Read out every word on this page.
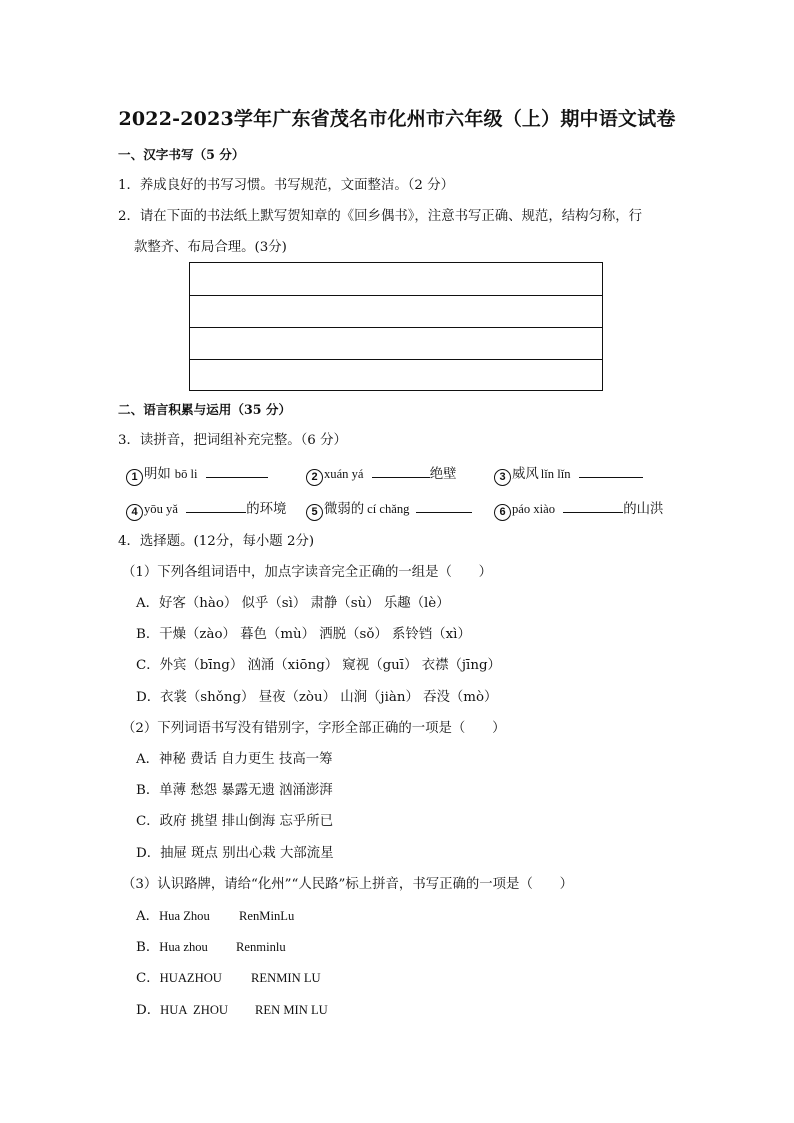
2022-2023学年广东省茂名市化州市六年级（上）期中语文试卷
一、汉字书写（5 分）
1．养成良好的书写习惯。书写规范，文面整洁。（2 分）
2．请在下面的书法纸上默写贺知章的《回乡偶书》，注意书写正确、规范，结构匀称，行
款整齐、布局合理。(3分)
二、语言积累与运用（35 分）
3．读拼音，把词组补充完整。（6 分）
1 明如 bō li	2 xuán yá	绝壁	3 威风 lǐn lǐn
4 yōu yǎ	的环境	5 微弱的 cí chǎng	6 páo xiào	的山洪
4．选择题。(12分，每小题 2分)
（1）下列各组词语中，加点字读音完全正确的一组是（　　）
A．好客（hào） 似乎（sì） 肃静（sù） 乐趣（lè）
B．干燥（zào） 暮色（mù） 洒脱（sǒ） 系铃铛（xì）
C．外宾（bīng） 汹涌（xiōng） 窥视（guī） 衣襟（jīng）
D．衣裳（shǒng） 昼夜（zòu） 山涧（jiàn） 吞没（mò）
（2）下列词语书写没有错别字，字形全部正确的一项是（　　）
A．神秘 费话 自力更生 技高一筹
B．单薄 愁怨 暴露无遗 汹涌澎湃
C．政府 挑望 排山倒海 忘乎所已
D．抽屉 斑点 别出心栽 大部流星
（3）认识路牌，请给“化州”“人民路”标上拼音，书写正确的一项是（　　）
A．Hua Zhou RenMinLu
B．Hua zhou Renminlu
C．HUAZHOU RENMIN LU
D．HUA  ZHOU REN MIN LU
